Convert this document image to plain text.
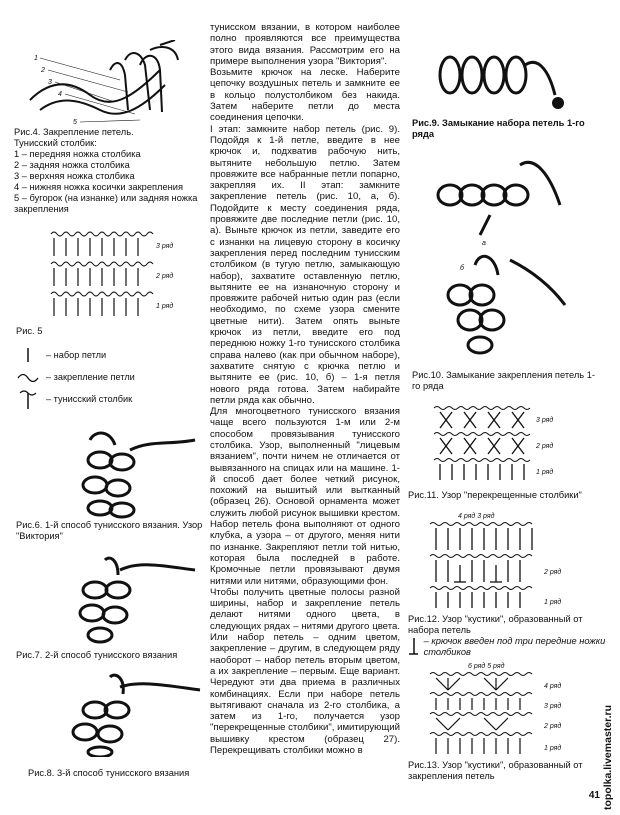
1
2
3
4
5

Рис.4. Закрепление петель.

Тунисский столбик:

1 – передняя ножка столбика

2 – задняя ножка столбика

3 – верхняя ножка столбика

4 – нижняя ножка косички закрепления

5 – бугорок (на изнанке) или задняя ножка закрепления

3 ряд
2 ряд
1 ряд

Рис. 5

– набор петли
– закрепление петли
– тунисский столбик

Рис.6. 1-й способ тунисского вязания. Узор "Виктория"

Рис.7. 2-й способ тунисского вязания

Рис.8. 3-й способ тунисского вязания

тунисском вязании, в котором наиболее полно проявляются все преимущества этого вида вязания. Рассмотрим его на примере выполнения узора "Виктория".

Возьмите крючок на леске. Наберите цепочку воздушных петель и замкните ее в кольцо полустолбиком без накида. Затем наберите петли до места соединения цепочки.

I этап: замкните набор петель (рис. 9). Подойдя к 1-й петле, введите в нее крючок и, подхватив рабочую нить, вытяните небольшую петлю. Затем провяжите все набранные петли попарно, закрепляя их. II этап: замкните закрепление петель (рис. 10, а, б). Подойдите к месту соединения ряда, провяжите две последние петли (рис. 10, а). Выньте крючок из петли, заведите его с изнанки на лицевую сторону в косичку закрепления перед последним тунисским столбиком (в тугую петлю, замыкающую набор), захватите оставленную петлю, вытяните ее на изнаночную сторону и провяжите рабочей нитью один раз (если необходимо, по схеме узора смените цветные нити). Затем опять выньте крючок из петли, введите его под переднюю ножку 1-го тунисского столбика справа налево (как при обычном наборе), захватите снятую с крючка петлю и вытяните ее (рис. 10, б) – 1-я петля нового ряда готова. Затем набирайте петли ряда как обычно.

Для многоцветного тунисского вязания чаще всего пользуются 1-м или 2-м способом провязывания тунисского столбика. Узор, выполненный "лицевым вязанием", почти ничем не отличается от вывязанного на спицах или на машине. 1-й способ дает более четкий рисунок, похожий на вышитый или вытканный (образец 26). Основой орнамента может служить любой рисунок вышивки крестом. Набор петель фона выполняют от одного клубка, а узора – от другого, меняя нити по изнанке. Закрепляют петли той нитью, которая была последней в работе. Кромочные петли провязывают двумя нитями или нитями, образующими фон.

Чтобы получить цветные полосы разной ширины, набор и закрепление петель делают нитями одного цвета, в следующих рядах – нитями другого цвета. Или набор петель – одним цветом, закрепление – другим, в следующем ряду наоборот – набор петель вторым цветом, а их закрепление – первым. Еще вариант. Чередуют эти два приема в различных комбинациях. Если при наборе петель вытягивают сначала из 2-го столбика, а затем из 1-го, получается узор "перекрещенные столбики", имитирующий вышивку крестом (образец 27). Перекрещивать столбики можно в

Рис.9. Замыкание набора петель 1-го ряда

а
б

Рис.10. Замыкание закрепления петель 1-го ряда

3 ряд
2 ряд
1 ряд

Рис.11. Узор "перекрещенные столбики"

4 ряд 3 ряд
2 ряд
1 ряд

Рис.12. Узор "кустики", образованный от набора петель

– крючок введен под три передние ножки столбиков
6 ряд 5 ряд
4 ряд
3 ряд
2 ряд
1 ряд

Рис.13. Узор "кустики", образованный от закрепления петель

41 topolka.livemaster.ru
